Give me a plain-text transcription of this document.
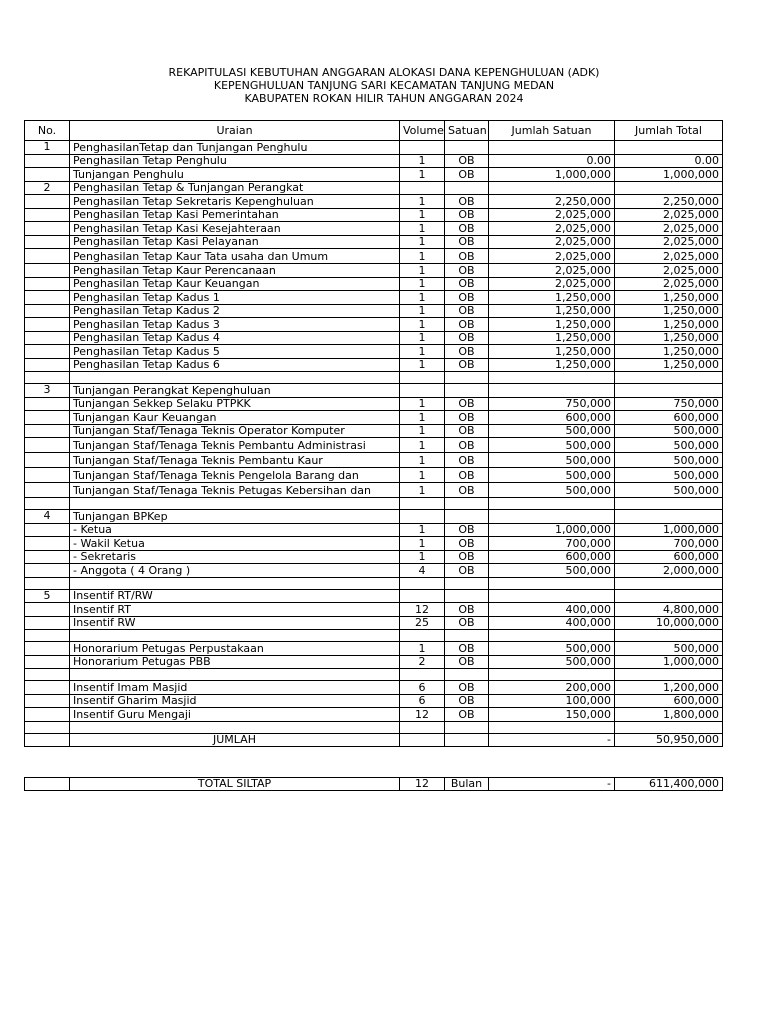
REKAPITULASI KEBUTUHAN ANGGARAN ALOKASI DANA KEPENGHULUAN (ADK)
KEPENGHULUAN TANJUNG SARI KECAMATAN TANJUNG MEDAN
KABUPATEN ROKAN HILIR TAHUN ANGGARAN 2024
No.	Uraian	Volume	Satuan	Jumlah Satuan	Jumlah Total
1	PenghasilanTetap dan Tunjangan Penghulu				
	Penghasilan Tetap Penghulu	1	OB	0.00	0.00
	Tunjangan Penghulu	1	OB	1,000,000	1,000,000
2	Penghasilan Tetap & Tunjangan Perangkat				
	Penghasilan Tetap Sekretaris Kepenghuluan	1	OB	2,250,000	2,250,000
	Penghasilan Tetap Kasi Pemerintahan	1	OB	2,025,000	2,025,000
	Penghasilan Tetap Kasi Kesejahteraan	1	OB	2,025,000	2,025,000
	Penghasilan Tetap Kasi Pelayanan	1	OB	2,025,000	2,025,000
	Penghasilan Tetap Kaur Tata usaha dan Umum	1	OB	2,025,000	2,025,000
	Penghasilan Tetap Kaur Perencanaan	1	OB	2,025,000	2,025,000
	Penghasilan Tetap Kaur Keuangan	1	OB	2,025,000	2,025,000
	Penghasilan Tetap Kadus 1	1	OB	1,250,000	1,250,000
	Penghasilan Tetap Kadus 2	1	OB	1,250,000	1,250,000
	Penghasilan Tetap Kadus 3	1	OB	1,250,000	1,250,000
	Penghasilan Tetap Kadus 4	1	OB	1,250,000	1,250,000
	Penghasilan Tetap Kadus 5	1	OB	1,250,000	1,250,000
	Penghasilan Tetap Kadus 6	1	OB	1,250,000	1,250,000

3	Tunjangan Perangkat Kepenghuluan				
	Tunjangan Sekkep Selaku PTPKK	1	OB	750,000	750,000
	Tunjangan Kaur Keuangan	1	OB	600,000	600,000
	Tunjangan Staf/Tenaga Teknis Operator Komputer	1	OB	500,000	500,000
	Tunjangan Staf/Tenaga Teknis Pembantu Administrasi	1	OB	500,000	500,000
	Tunjangan Staf/Tenaga Teknis Pembantu Kaur	1	OB	500,000	500,000
	Tunjangan Staf/Tenaga Teknis Pengelola Barang dan	1	OB	500,000	500,000
	Tunjangan Staf/Tenaga Teknis Petugas Kebersihan dan	1	OB	500,000	500,000

4	Tunjangan BPKep				
	- Ketua	1	OB	1,000,000	1,000,000
	- Wakil Ketua	1	OB	700,000	700,000
	- Sekretaris	1	OB	600,000	600,000
	- Anggota ( 4 Orang )	4	OB	500,000	2,000,000

5	Insentif RT/RW				
	Insentif RT	12	OB	400,000	4,800,000
	Insentif RW	25	OB	400,000	10,000,000

	Honorarium Petugas Perpustakaan	1	OB	500,000	500,000
	Honorarium Petugas PBB	2	OB	500,000	1,000,000

	Insentif Imam Masjid	6	OB	200,000	1,200,000
	Insentif Gharim Masjid	6	OB	100,000	600,000
	Insentif Guru Mengaji	12	OB	150,000	1,800,000

	JUMLAH			-	50,950,000
	TOTAL SILTAP	12	Bulan	-	611,400,000
